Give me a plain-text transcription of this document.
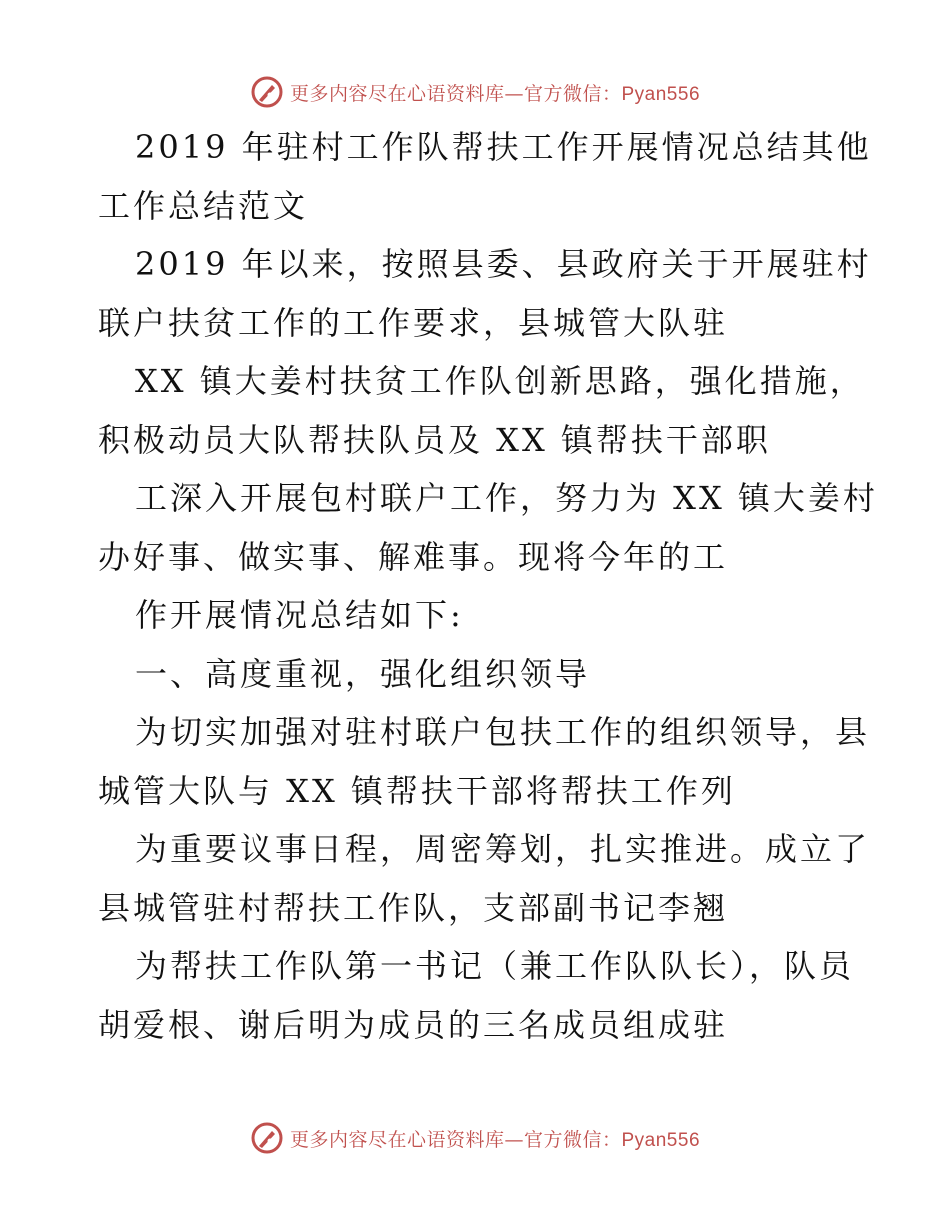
更多内容尽在心语资料库—官方微信：Pyan556
2019 年驻村工作队帮扶工作开展情况总结其他
工作总结范文
2019 年以来，按照县委、县政府关于开展驻村
联户扶贫工作的工作要求，县城管大队驻
XX 镇大姜村扶贫工作队创新思路，强化措施，
积极动员大队帮扶队员及 XX 镇帮扶干部职
工深入开展包村联户工作，努力为 XX 镇大姜村
办好事、做实事、解难事。现将今年的工
作开展情况总结如下:
一、高度重视，强化组织领导
为切实加强对驻村联户包扶工作的组织领导，县
城管大队与 XX 镇帮扶干部将帮扶工作列
为重要议事日程，周密筹划，扎实推进。成立了
县城管驻村帮扶工作队，支部副书记李翘
为帮扶工作队第一书记（兼工作队队长），队员
胡爱根、谢后明为成员的三名成员组成驻
更多内容尽在心语资料库—官方微信：Pyan556
